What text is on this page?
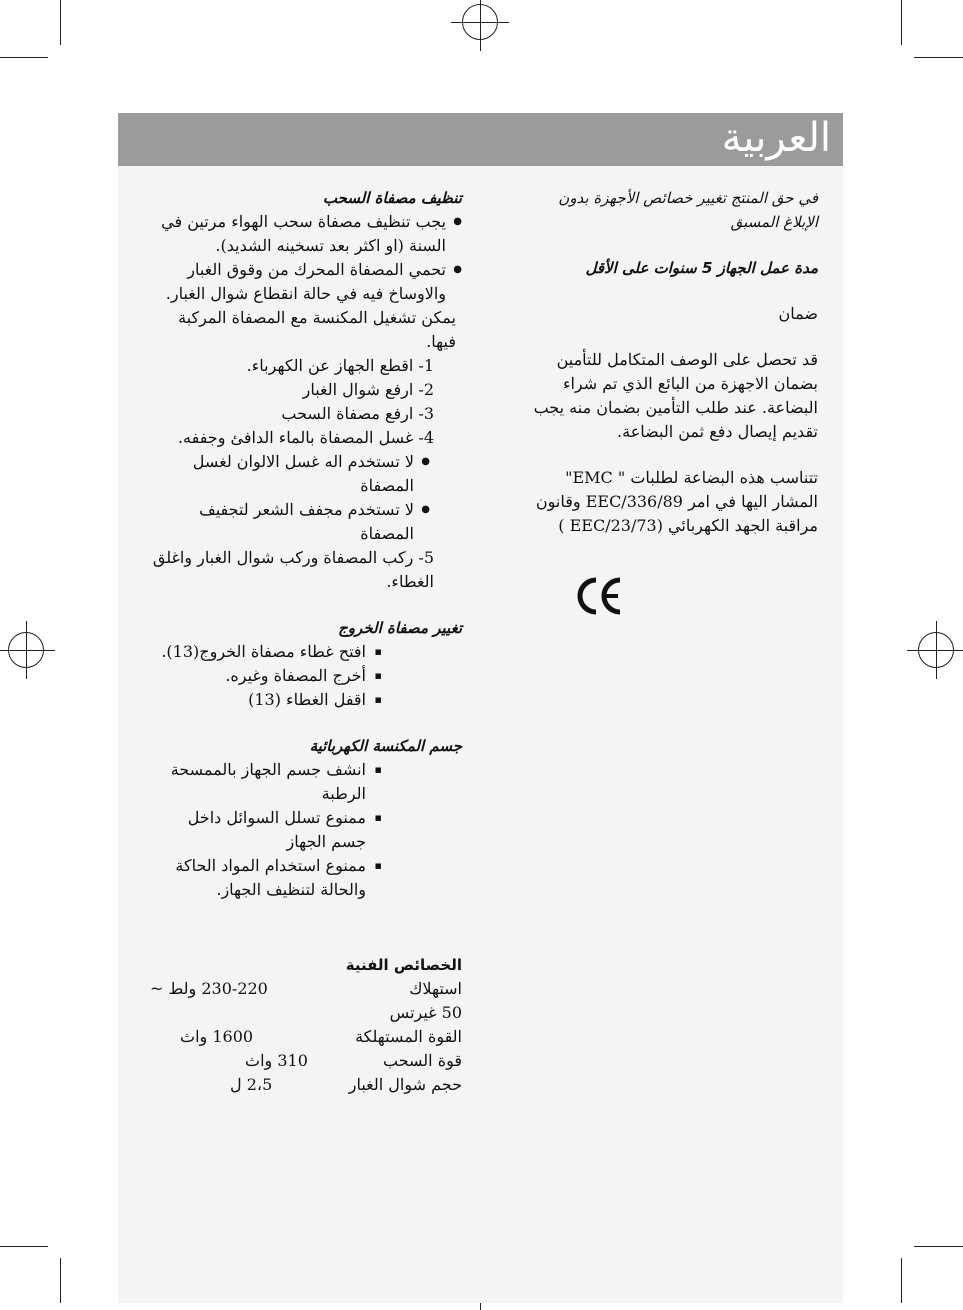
العربية

تنظيف مصفاة السحب

● يجب تنظيف مصفاة سحب الهواء مرتين في السنة (او اكثر بعد تسخينه الشديد).
● تحمي المصفاة المحرك من وقوق الغبار والاوساخ فيه في حالة انقطاع شوال الغبار.

يمكن تشغيل المكنسة مع المصفاة المركبة فيها.

1- اقطع الجهاز عن الكهرباء.

2- ارفع شوال الغبار

3- ارفع مصفاة السحب

4- غسل المصفاة بالماء الدافئ وجففه.

● لا تستخدم اله غسل الالوان لغسل المصفاة
● لا تستخدم مجفف الشعر لتجفيف المصفاة

5- ركب المصفاة وركب شوال الغبار واغلق الغطاء.

تغيير مصفاة الخروج

▪ افتح غطاء مصفاة الخروج(13).
▪ أخرج المصفاة وغيره.
▪ اقفل الغطاء (13)

جسم المكنسة الكهربائية

▪ انشف جسم الجهاز بالممسحة الرطبة
▪ ممنوع تسلل السوائل داخل جسم الجهاز
▪ ممنوع استخدام المواد الحاكة والحالة لتنظيف الجهاز.

الخصائص الفنية

استهلاك
230-220 ولط ~
50 غيرتس
القوة المستهلكة
1600 واث
قوة السحب
310 واث
حجم شوال الغبار
2،5 ل

في حق المنتج تغيير خصائص الأجهزة بدون الإبلاغ المسبق

مدة عمل الجهاز 5 سنوات على الأقل

ضمان

قد تحصل على الوصف المتكامل للتأمين بضمان الاجهزة من البائع الذي تم شراء البضاعة. عند طلب التأمين بضمان منه يجب تقديم إيصال دفع ثمن البضاعة.

تتناسب هذه البضاعة لطلبات " EMC" المشار اليها في امر EEC/336/89 وقانون مراقبة الجهد الكهربائي (EEC/23/73 )
